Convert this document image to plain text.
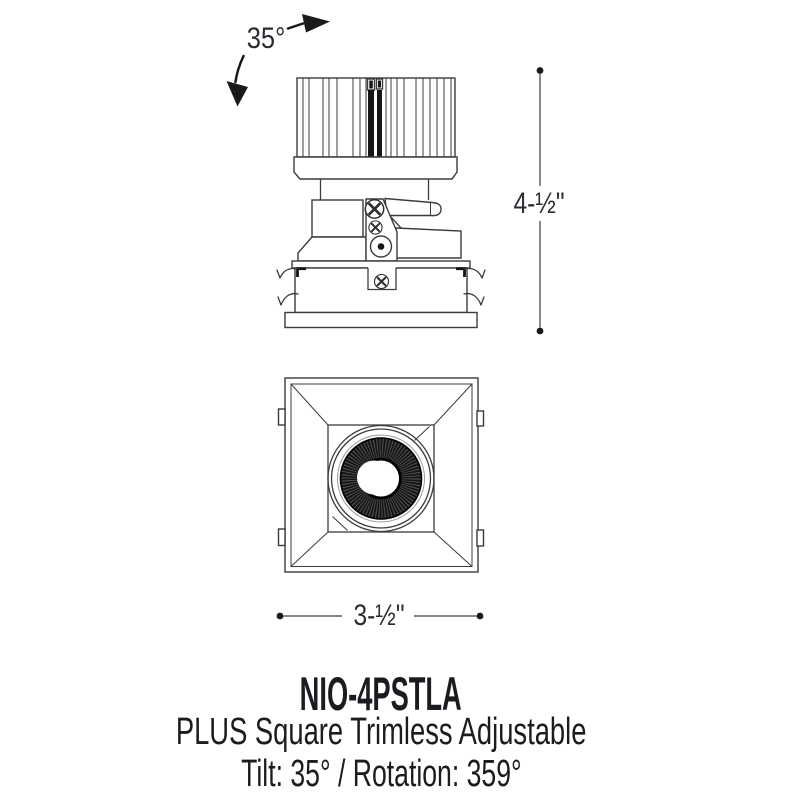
35°
4-½"
3-½"
NIO-4PSTLA
PLUS Square Trimless Adjustable
Tilt: 35° / Rotation: 359°
